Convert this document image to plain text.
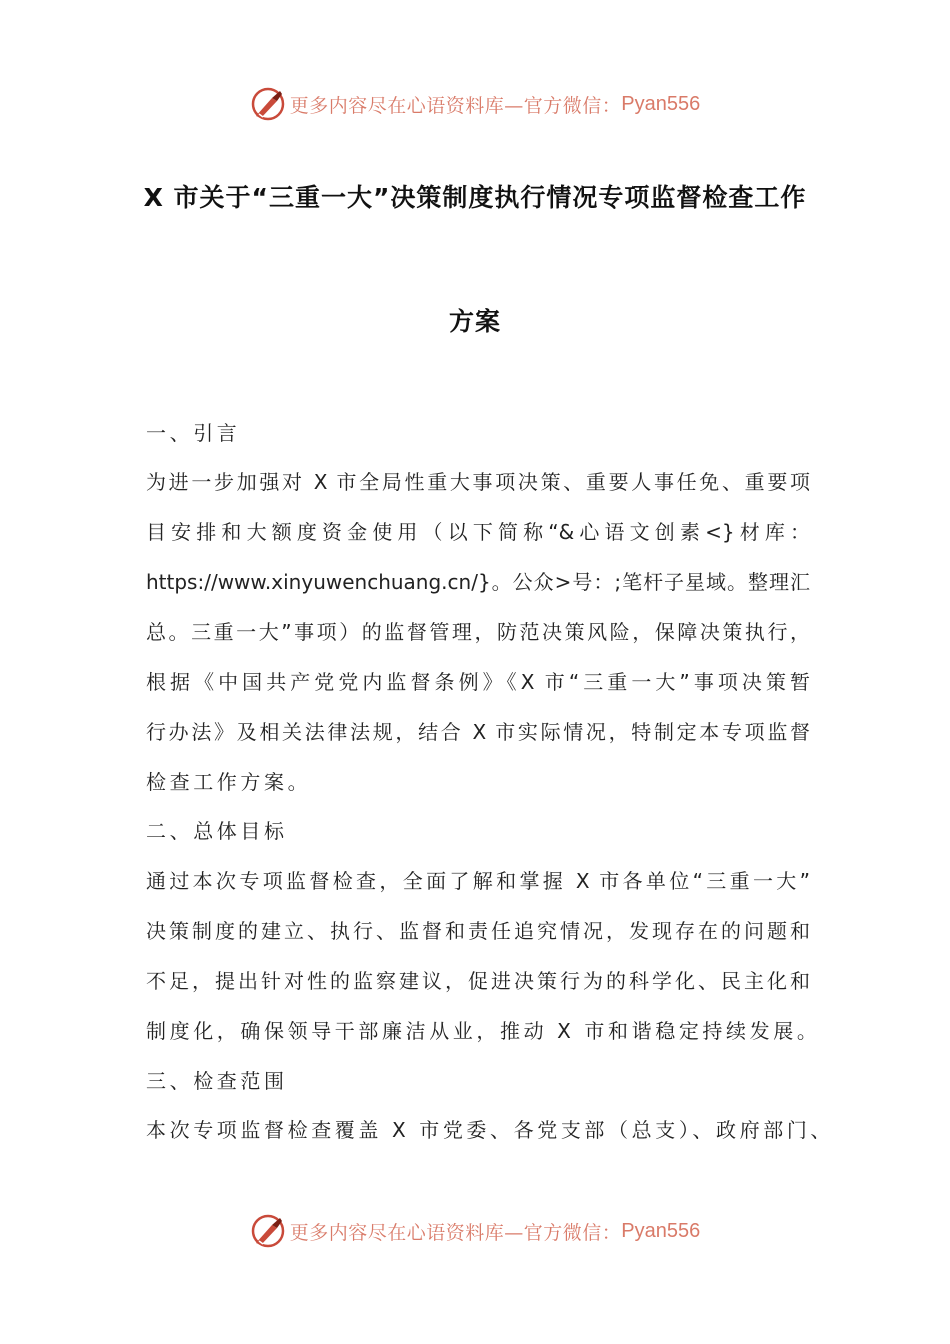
更多内容尽在心语资料库—官方微信： Pyan556
X 市关于“三重一大”决策制度执行情况专项监督检查工作
方案
一、引言
为进一步加强对 X 市全局性重大事项决策、重要人事任免、重要项
目安排和大额度资金使用（以下简称“&心语文创素<}材库：
https://www.xinyuwenchuang.cn/}。公众>号：;笔杆子星域。整理汇
总。三重一大”事项）的监督管理，防范决策风险，保障决策执行，
根据《中国共产党党内监督条例》《X 市“三重一大”事项决策暂
行办法》及相关法律法规，结合 X 市实际情况，特制定本专项监督
检查工作方案。
二、总体目标
通过本次专项监督检查，全面了解和掌握 X 市各单位“三重一大”
决策制度的建立、执行、监督和责任追究情况，发现存在的问题和
不足，提出针对性的监察建议，促进决策行为的科学化、民主化和
制度化，确保领导干部廉洁从业，推动 X 市和谐稳定持续发展。
三、检查范围
本次专项监督检查覆盖 X 市党委、各党支部（总支）、政府部门、
更多内容尽在心语资料库—官方微信： Pyan556
